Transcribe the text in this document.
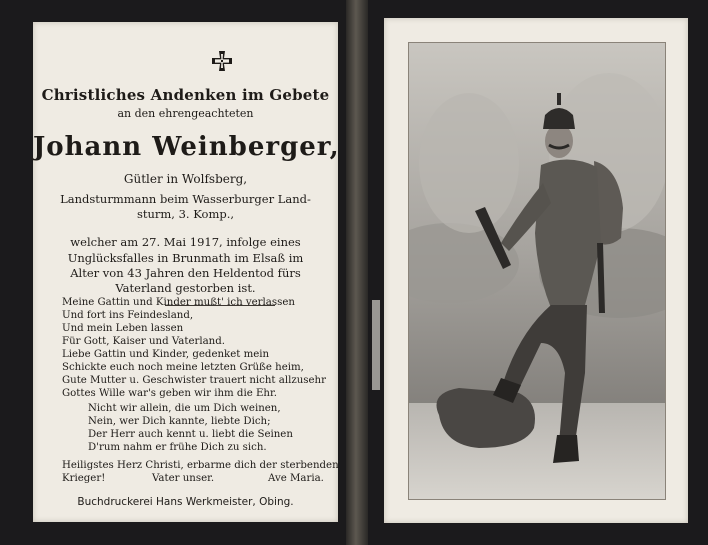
Christliches Andenken im Gebete
an den ehrengeachteten
Johann Weinberger,
Gütler in Wolfsberg,
Landsturmmann beim Wasserburger Land-
sturm, 3. Komp.,
welcher am 27. Mai 1917, infolge eines
Unglücksfalles in Brunmath im Elsaß im
Alter von 43 Jahren den Heldentod fürs
Vaterland gestorben ist.
Meine Gattin und Kinder mußt' ich verlassen
Und fort ins Feindesland,
Und mein Leben lassen
Für Gott, Kaiser und Vaterland.
Liebe Gattin und Kinder, gedenket mein
Schickte euch noch meine letzten Grüße heim,
Gute Mutter u. Geschwister trauert nicht allzusehr
Gottes Wille war's geben wir ihm die Ehr.
Nicht wir allein, die um Dich weinen,
Nein, wer Dich kannte, liebte Dich;
Der Herr auch kennt u. liebt die Seinen
D'rum nahm er frühe Dich zu sich.
Heiligstes Herz Christi, erbarme dich der sterbenden
Krieger!	Vater unser.	Ave Maria.
Buchdruckerei Hans Werkmeister, Obing.
